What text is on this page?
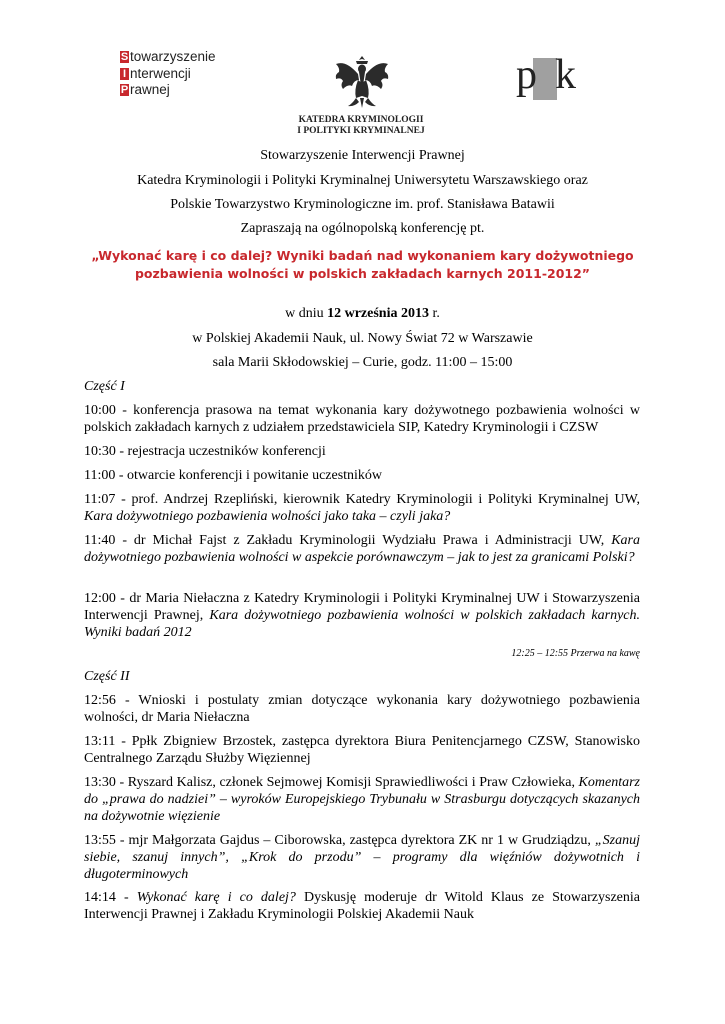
S towarzyszenie
I nterwencji
P rawnej	p k
KATEDRA KRYMINOLOGII
I POLITYKI KRYMINALNEJ
Stowarzyszenie Interwencji Prawnej
Katedra Kryminologii i Polityki Kryminalnej Uniwersytetu Warszawskiego oraz
Polskie Towarzystwo Kryminologiczne im. prof. Stanisława Batawii
Zapraszają na ogólnopolską konferencję pt.
„Wykonać karę i co dalej? Wyniki badań nad wykonaniem kary dożywotniego
pozbawienia wolności w polskich zakładach karnych 2011-2012”
w dniu 12 września 2013 r.
w Polskiej Akademii Nauk, ul. Nowy Świat 72 w Warszawie
sala Marii Skłodowskiej – Curie, godz. 11:00 – 15:00
Część I
10:00 - konferencja prasowa na temat wykonania kary dożywotnego pozbawienia wolności w polskich zakładach karnych z udziałem przedstawiciela SIP, Katedry Kryminologii i CZSW
10:30 - rejestracja uczestników konferencji
11:00 - otwarcie konferencji i powitanie uczestników
11:07 - prof. Andrzej Rzepliński, kierownik Katedry Kryminologii i Polityki Kryminalnej UW, Kara dożywotniego pozbawienia wolności jako taka – czyli jaka?
11:40 - dr Michał Fajst z Zakładu Kryminologii Wydziału Prawa i Administracji UW, Kara dożywotniego pozbawienia wolności w aspekcie porównawczym – jak to jest za granicami Polski?
12:00 - dr Maria Niełaczna z Katedry Kryminologii i Polityki Kryminalnej UW i Stowarzyszenia Interwencji Prawnej, Kara dożywotniego pozbawienia wolności w polskich zakładach karnych. Wyniki badań 2012
12:25 – 12:55 Przerwa na kawę
Część II
12:56 - Wnioski i postulaty zmian dotyczące wykonania kary dożywotniego pozbawienia wolności, dr Maria Niełaczna
13:11 - Ppłk Zbigniew Brzostek, zastępca dyrektora Biura Penitencjarnego CZSW, Stanowisko Centralnego Zarządu Służby Więziennej
13:30 - Ryszard Kalisz, członek Sejmowej Komisji Sprawiedliwości i Praw Człowieka, Komentarz do „prawa do nadziei” – wyroków Europejskiego Trybunału w Strasburgu dotyczących skazanych na dożywotnie więzienie
13:55 - mjr Małgorzata Gajdus – Ciborowska, zastępca dyrektora ZK nr 1 w Grudziądzu, „Szanuj siebie, szanuj innych”, „Krok do przodu” – programy dla więźniów dożywotnich i długoterminowych
14:14 - Wykonać karę i co dalej? Dyskusję moderuje dr Witold Klaus ze Stowarzyszenia Interwencji Prawnej i Zakładu Kryminologii Polskiej Akademii Nauk
